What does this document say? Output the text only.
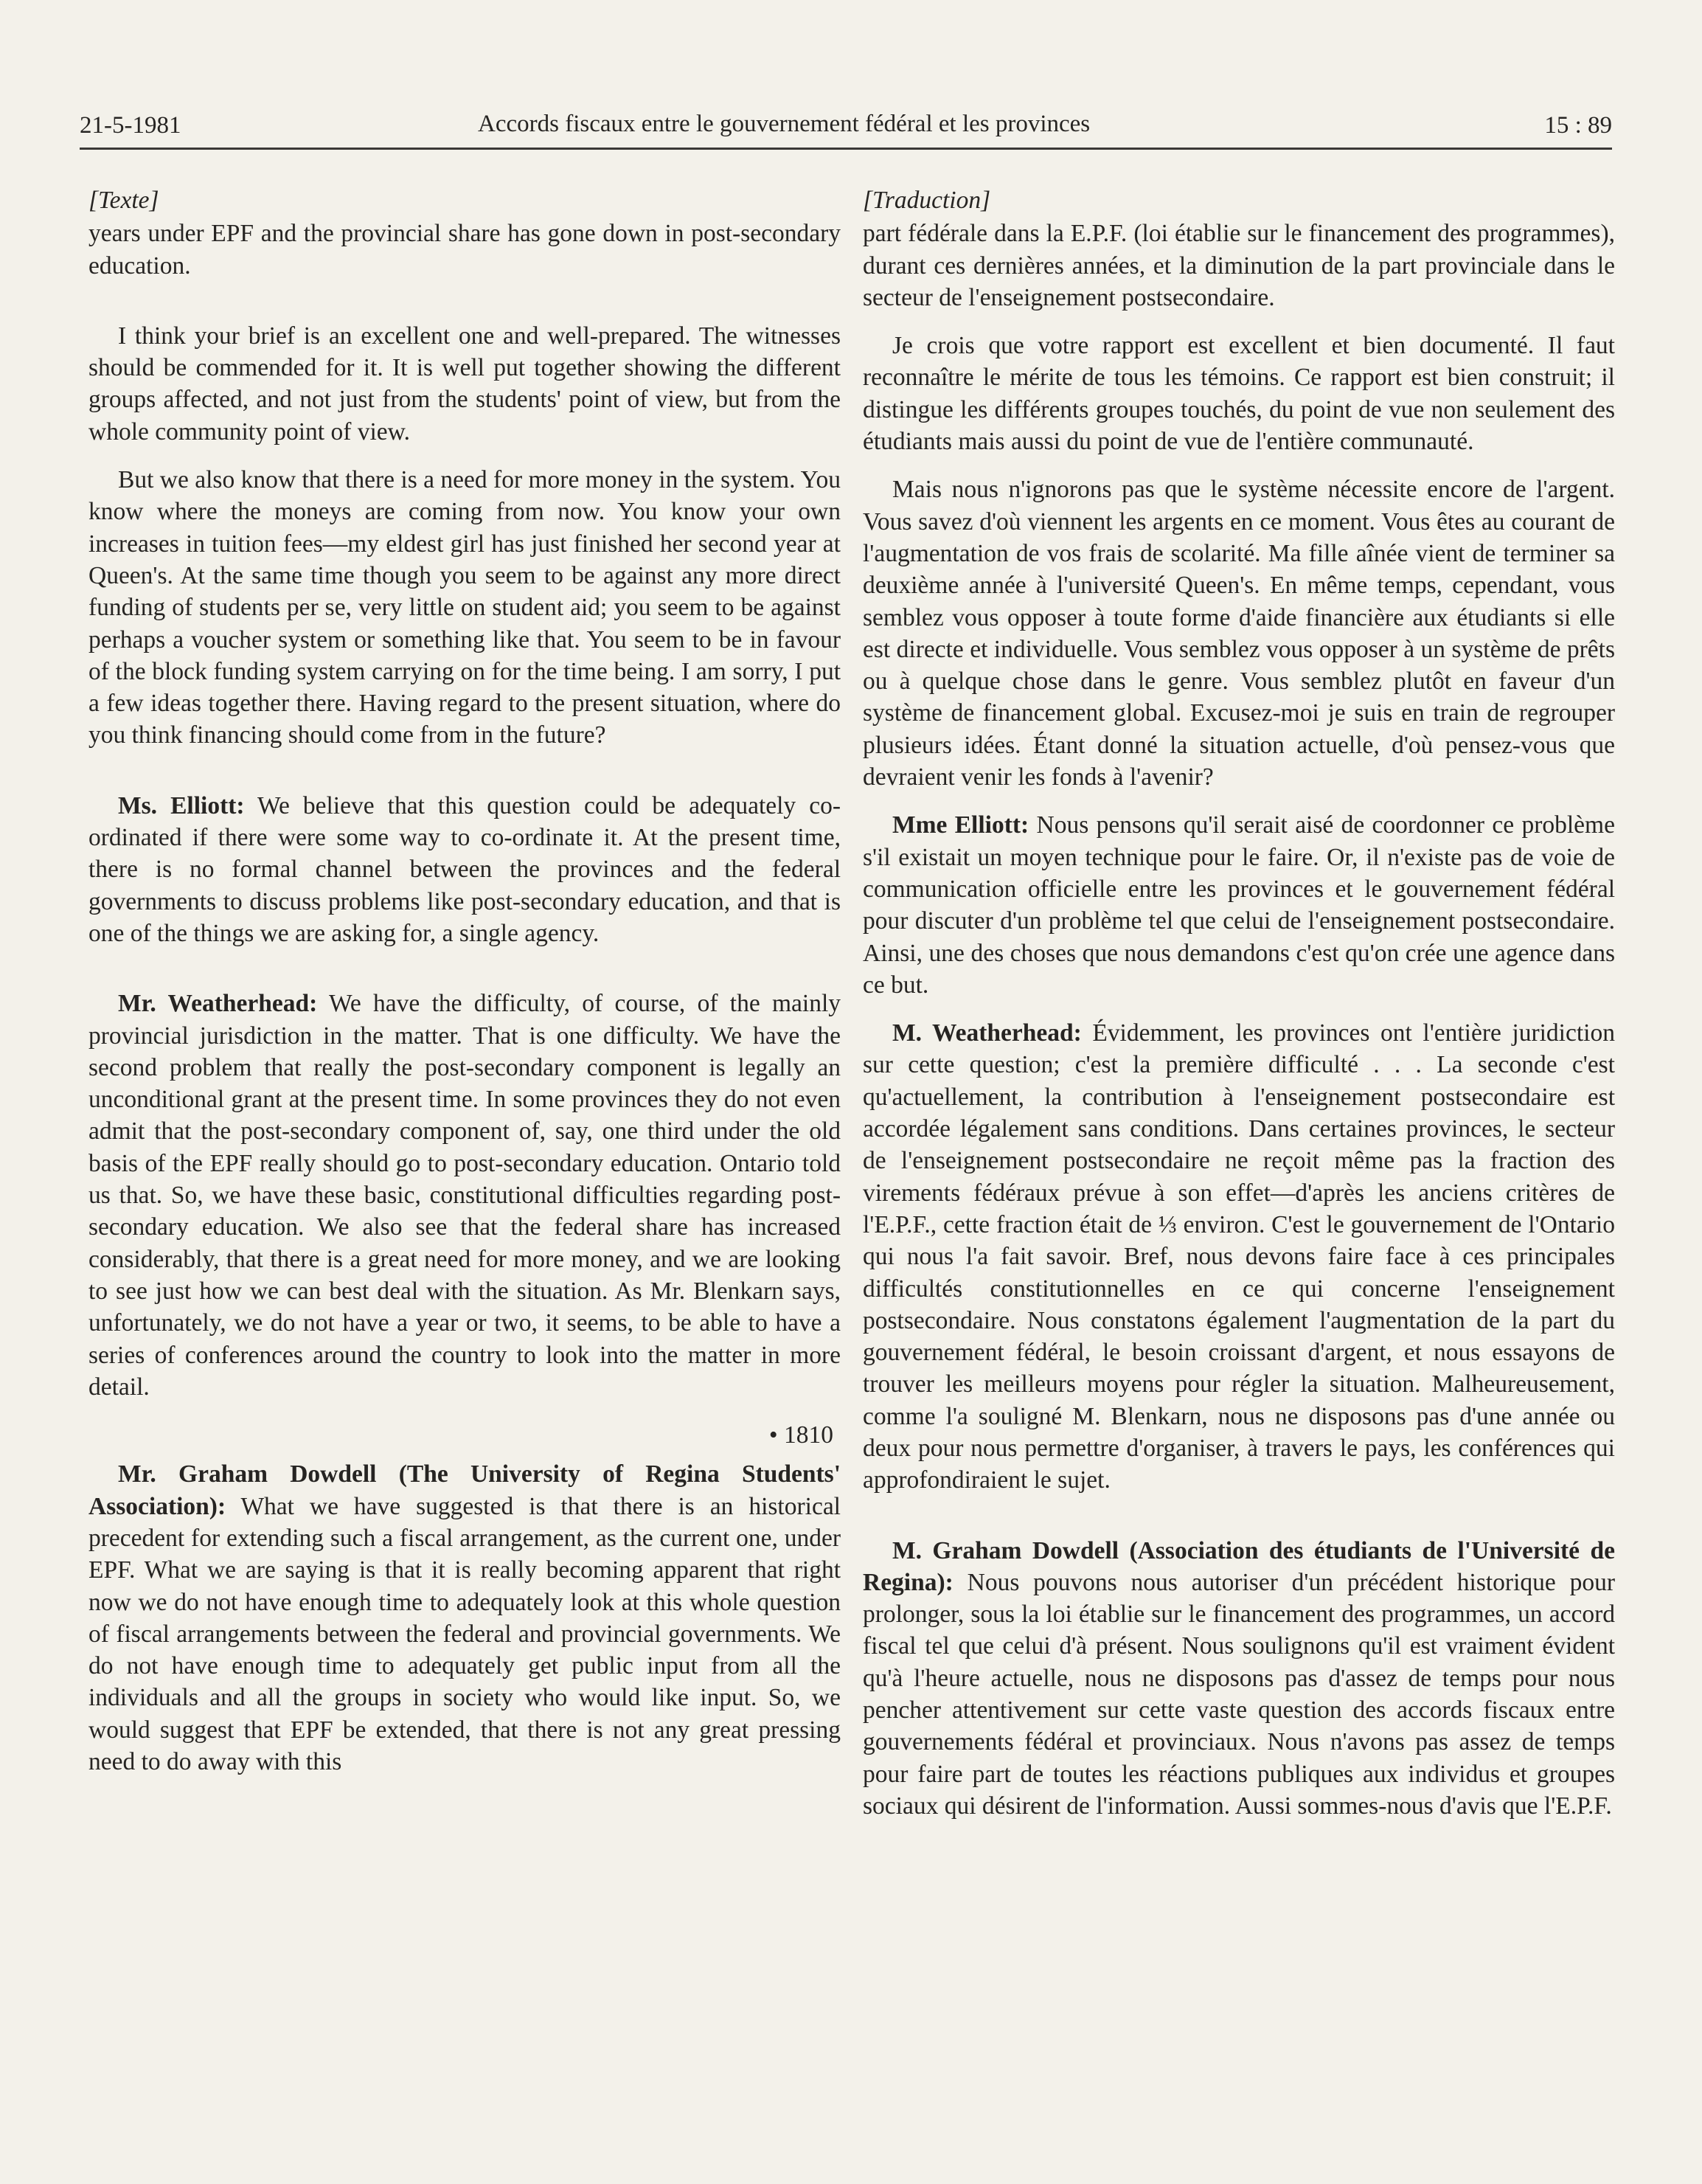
21-5-1981	Accords fiscaux entre le gouvernement fédéral et les provinces	15 : 89
[Texte]

years under EPF and the provincial share has gone down in post-secondary education.

I think your brief is an excellent one and well-prepared. The witnesses should be commended for it. It is well put together showing the different groups affected, and not just from the students' point of view, but from the whole community point of view.

But we also know that there is a need for more money in the system. You know where the moneys are coming from now. You know your own increases in tuition fees—my eldest girl has just finished her second year at Queen's. At the same time though you seem to be against any more direct funding of students per se, very little on student aid; you seem to be against perhaps a voucher system or something like that. You seem to be in favour of the block funding system carrying on for the time being. I am sorry, I put a few ideas together there. Having regard to the present situation, where do you think financing should come from in the future?

Ms. Elliott: We believe that this question could be adequately co-ordinated if there were some way to co-ordinate it. At the present time, there is no formal channel between the provinces and the federal governments to discuss problems like post-secondary education, and that is one of the things we are asking for, a single agency.

Mr. Weatherhead: We have the difficulty, of course, of the mainly provincial jurisdiction in the matter. That is one difficulty. We have the second problem that really the post-secondary component is legally an unconditional grant at the present time. In some provinces they do not even admit that the post-secondary component of, say, one third under the old basis of the EPF really should go to post-secondary education. Ontario told us that. So, we have these basic, constitutional difficulties regarding post-secondary education. We also see that the federal share has increased considerably, that there is a great need for more money, and we are looking to see just how we can best deal with the situation. As Mr. Blenkarn says, unfortunately, we do not have a year or two, it seems, to be able to have a series of conferences around the country to look into the matter in more detail.

• 1810

Mr. Graham Dowdell (The University of Regina Students' Association): What we have suggested is that there is an historical precedent for extending such a fiscal arrangement, as the current one, under EPF. What we are saying is that it is really becoming apparent that right now we do not have enough time to adequately look at this whole question of fiscal arrangements between the federal and provincial governments. We do not have enough time to adequately get public input from all the individuals and all the groups in society who would like input. So, we would suggest that EPF be extended, that there is not any great pressing need to do away with this

[Traduction]

part fédérale dans la E.P.F. (loi établie sur le financement des programmes), durant ces dernières années, et la diminution de la part provinciale dans le secteur de l'enseignement postsecondaire.

Je crois que votre rapport est excellent et bien documenté. Il faut reconnaître le mérite de tous les témoins. Ce rapport est bien construit; il distingue les différents groupes touchés, du point de vue non seulement des étudiants mais aussi du point de vue de l'entière communauté.

Mais nous n'ignorons pas que le système nécessite encore de l'argent. Vous savez d'où viennent les argents en ce moment. Vous êtes au courant de l'augmentation de vos frais de scolarité. Ma fille aînée vient de terminer sa deuxième année à l'université Queen's. En même temps, cependant, vous semblez vous opposer à toute forme d'aide financière aux étudiants si elle est directe et individuelle. Vous semblez vous opposer à un système de prêts ou à quelque chose dans le genre. Vous semblez plutôt en faveur d'un système de financement global. Excusez-moi je suis en train de regrouper plusieurs idées. Étant donné la situation actuelle, d'où pensez-vous que devraient venir les fonds à l'avenir?

Mme Elliott: Nous pensons qu'il serait aisé de coordonner ce problème s'il existait un moyen technique pour le faire. Or, il n'existe pas de voie de communication officielle entre les provinces et le gouvernement fédéral pour discuter d'un problème tel que celui de l'enseignement postsecondaire. Ainsi, une des choses que nous demandons c'est qu'on crée une agence dans ce but.

M. Weatherhead: Évidemment, les provinces ont l'entière juridiction sur cette question; c'est la première difficulté . . . La seconde c'est qu'actuellement, la contribution à l'enseignement postsecondaire est accordée légalement sans conditions. Dans certaines provinces, le secteur de l'enseignement postsecondaire ne reçoit même pas la fraction des virements fédéraux prévue à son effet—d'après les anciens critères de l'E.P.F., cette fraction était de ⅓ environ. C'est le gouvernement de l'Ontario qui nous l'a fait savoir. Bref, nous devons faire face à ces principales difficultés constitutionnelles en ce qui concerne l'enseignement postsecondaire. Nous constatons également l'augmentation de la part du gouvernement fédéral, le besoin croissant d'argent, et nous essayons de trouver les meilleurs moyens pour régler la situation. Malheureusement, comme l'a souligné M. Blenkarn, nous ne disposons pas d'une année ou deux pour nous permettre d'organiser, à travers le pays, les conférences qui approfondiraient le sujet.

M. Graham Dowdell (Association des étudiants de l'Université de Regina): Nous pouvons nous autoriser d'un précédent historique pour prolonger, sous la loi établie sur le financement des programmes, un accord fiscal tel que celui d'à présent. Nous soulignons qu'il est vraiment évident qu'à l'heure actuelle, nous ne disposons pas d'assez de temps pour nous pencher attentivement sur cette vaste question des accords fiscaux entre gouvernements fédéral et provinciaux. Nous n'avons pas assez de temps pour faire part de toutes les réactions publiques aux individus et groupes sociaux qui désirent de l'information. Aussi sommes-nous d'avis que l'E.P.F.
